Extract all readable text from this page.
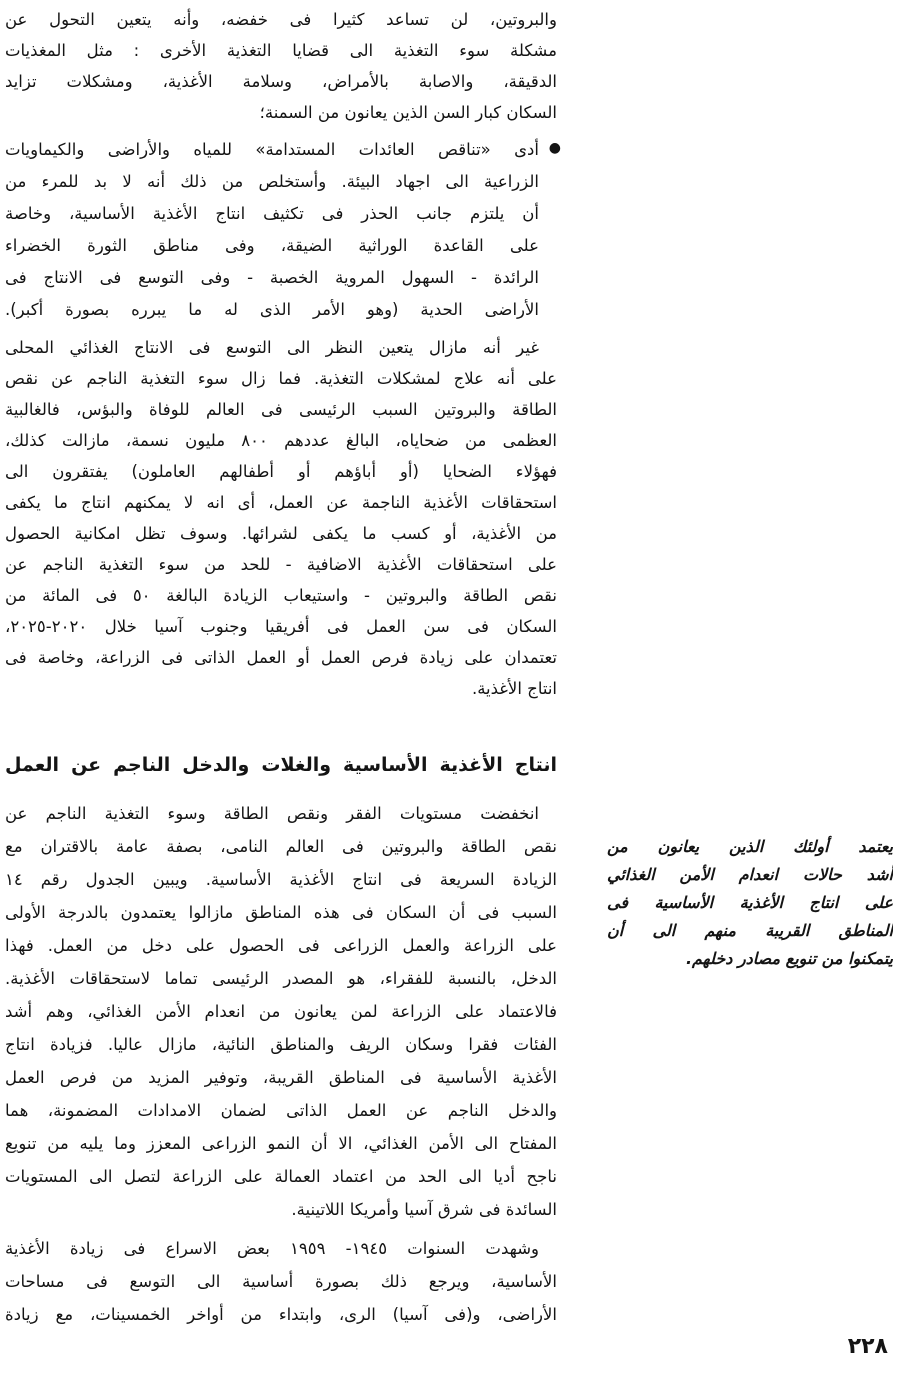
والبروتين، لن تساعد كثيرا فى خفضه، وأنه يتعين التحول عن
مشكلة سوء التغذية الى قضايا التغذية الأخرى : مثل المغذيات
الدقيقة، والاصابة بالأمراض، وسلامة الأغذية، ومشكلات تزايد
السكان كبار السن الذين يعانون من السمنة؛
●
أدى «تناقص العائدات المستدامة» للمياه والأراضى والكيماويات
الزراعية الى اجهاد البيئة. وأستخلص من ذلك أنه لا بد للمرء من
أن يلتزم جانب الحذر فى تكثيف انتاج الأغذية الأساسية، وخاصة
على القاعدة الوراثية الضيقة، وفى مناطق الثورة الخضراء
الرائدة - السهول المروية الخصبة - وفى التوسع فى الانتاج فى
الأراضى الحدية (وهو الأمر الذى له ما يبرره بصورة أكبر).
غير أنه مازال يتعين النظر الى التوسع فى الانتاج الغذائي المحلى
على أنه علاج لمشكلات التغذية. فما زال سوء التغذية الناجم عن نقص
الطاقة والبروتين السبب الرئيسى فى العالم للوفاة والبؤس، فالغالبية
العظمى من ضحاياه، البالغ عددهم ٨٠٠ مليون نسمة، مازالت كذلك،
فهؤلاء الضحايا (أو أباؤهم أو أطفالهم العاملون) يفتقرون الى
استحقاقات الأغذية الناجمة عن العمل، أى انه لا يمكنهم انتاج ما يكفى
من الأغذية، أو كسب ما يكفى لشرائها. وسوف تظل امكانية الحصول
على استحقاقات الأغذية الاضافية - للحد من سوء التغذية الناجم عن
نقص الطاقة والبروتين - واستيعاب الزيادة البالغة ٥٠ فى المائة من
السكان فى سن العمل فى أفريقيا وجنوب آسيا خلال ٢٠٢٠-٢٠٢٥،
تعتمدان على زيادة فرص العمل أو العمل الذاتى فى الزراعة، وخاصة فى
انتاج الأغذية.
انتاج الأغذية الأساسية والغلات والدخل الناجم عن العمل
انخفضت مستويات الفقر ونقص الطاقة وسوء التغذية الناجم عن
نقص الطاقة والبروتين فى العالم النامى، بصفة عامة بالاقتران مع
الزيادة السريعة فى انتاج الأغذية الأساسية. ويبين الجدول رقم ١٤
السبب فى أن السكان فى هذه المناطق مازالوا يعتمدون بالدرجة الأولى
على الزراعة والعمل الزراعى فى الحصول على دخل من العمل. فهذا
الدخل، بالنسبة للفقراء، هو المصدر الرئيسى تماما لاستحقاقات الأغذية.
فالاعتماد على الزراعة لمن يعانون من انعدام الأمن الغذائي، وهم أشد
الفئات فقرا وسكان الريف والمناطق النائية، مازال عاليا. فزيادة انتاج
الأغذية الأساسية فى المناطق القريبة، وتوفير المزيد من فرص العمل
والدخل الناجم عن العمل الذاتى لضمان الامدادات المضمونة، هما
المفتاح الى الأمن الغذائي، الا أن النمو الزراعى المعزز وما يليه من تنويع
ناجح أديا الى الحد من اعتماد العمالة على الزراعة لتصل الى المستويات
السائدة فى شرق آسيا وأمريكا اللاتينية.
وشهدت السنوات ١٩٤٥- ١٩٥٩ بعض الاسراع فى زيادة الأغذية
الأساسية، ويرجع ذلك بصورة أساسية الى التوسع فى مساحات
الأراضى، و(فى آسيا) الرى، وابتداء من أواخر الخمسينات، مع زيادة
يعتمد أولئك الذين يعانون من
أشد حالات انعدام الأمن الغذائي
على انتاج الأغذية الأساسية فى
المناطق القريبة منهم الى أن
يتمكنوا من تنويع مصادر دخلهم.
٢٢٨
